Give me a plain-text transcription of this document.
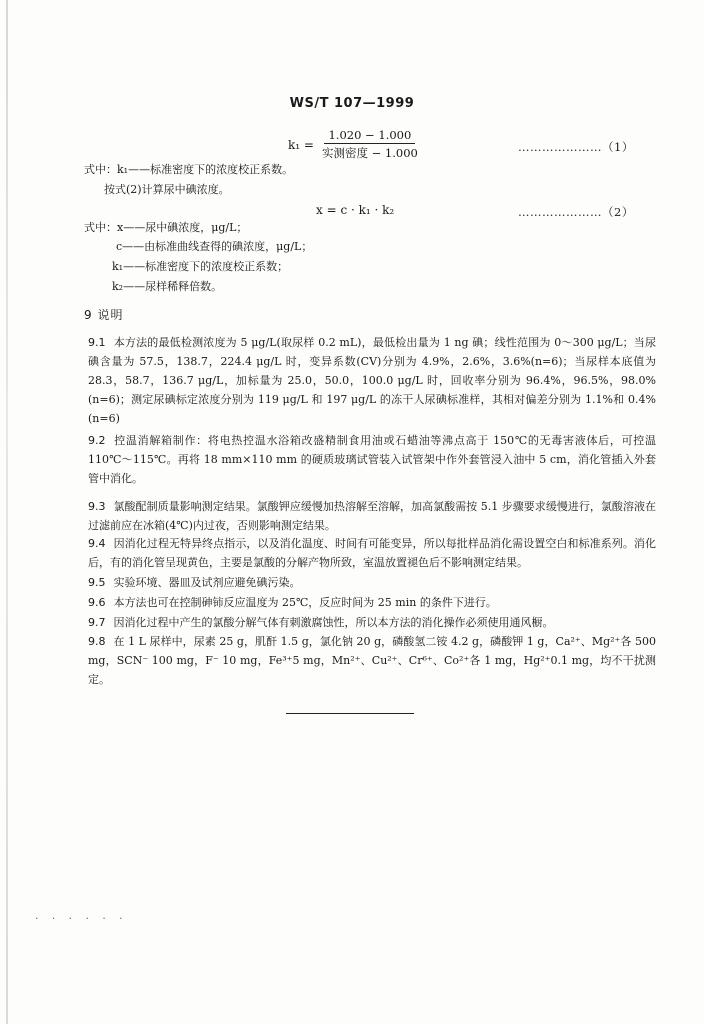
WS/T 107—1999
$k_1 = \frac{1.020 - 1.000}{\text{实测密度 − 1.000}}$	…………………（1）
式中：k₁——标准密度下的浓度校正系数。
按式(2)计算尿中碘浓度。
x = c · k₁ · k₂	…………………（2）
式中：x——尿中碘浓度，μg/L；
c——由标准曲线查得的碘浓度，μg/L；
k₁——标准密度下的浓度校正系数；
k₂——尿样稀释倍数。
9 说明
9.1 本方法的最低检测浓度为 5 μg/L(取尿样 0.2 mL)，最低检出量为 1 ng 碘；线性范围为 0～300 μg/L；当尿碘含量为 57.5，138.7，224.4 μg/L 时，变异系数(CV)分别为 4.9%，2.6%，3.6%(n=6)；当尿样本底值为 28.3，58.7，136.7 μg/L，加标量为 25.0，50.0，100.0 μg/L 时，回收率分别为 96.4%，96.5%，98.0%(n=6)；测定尿碘标定浓度分别为 119 μg/L 和 197 μg/L 的冻干人尿碘标准样，其相对偏差分别为 1.1%和 0.4%(n=6)
9.2 控温消解箱制作：将电热控温水浴箱改盛精制食用油或石蜡油等沸点高于 150℃的无毒害液体后，可控温 110℃～115℃。再将 18 mm×110 mm 的硬质玻璃试管装入试管架中作外套管浸入油中 5 cm，消化管插入外套管中消化。
9.3 氯酸配制质量影响测定结果。氯酸钾应缓慢加热溶解至溶解，加高氯酸需按 5.1 步骤要求缓慢进行，氯酸溶液在过滤前应在冰箱(4℃)内过夜，否则影响测定结果。
9.4 因消化过程无特异终点指示，以及消化温度、时间有可能变异，所以每批样品消化需设置空白和标准系列。消化后，有的消化管呈现黄色，主要是氯酸的分解产物所致，室温放置褪色后不影响测定结果。
9.5 实验环境、器皿及试剂应避免碘污染。
9.6 本方法也可在控制砷铈反应温度为 25℃，反应时间为 25 min 的条件下进行。
9.7 因消化过程中产生的氯酸分解气体有刺激腐蚀性，所以本方法的消化操作必须使用通风橱。
9.8 在 1 L 尿样中，尿素 25 g，肌酐 1.5 g，氯化钠 20 g，磷酸氢二铵 4.2 g，磷酸钾 1 g，Ca²⁺、Mg²⁺各 500 mg，SCN⁻ 100 mg，F⁻ 10 mg，Fe³⁺5 mg，Mn²⁺、Cu²⁺、Cr⁶⁺、Co²⁺各 1 mg，Hg²⁺0.1 mg，均不干扰测定。
. . . . . .
